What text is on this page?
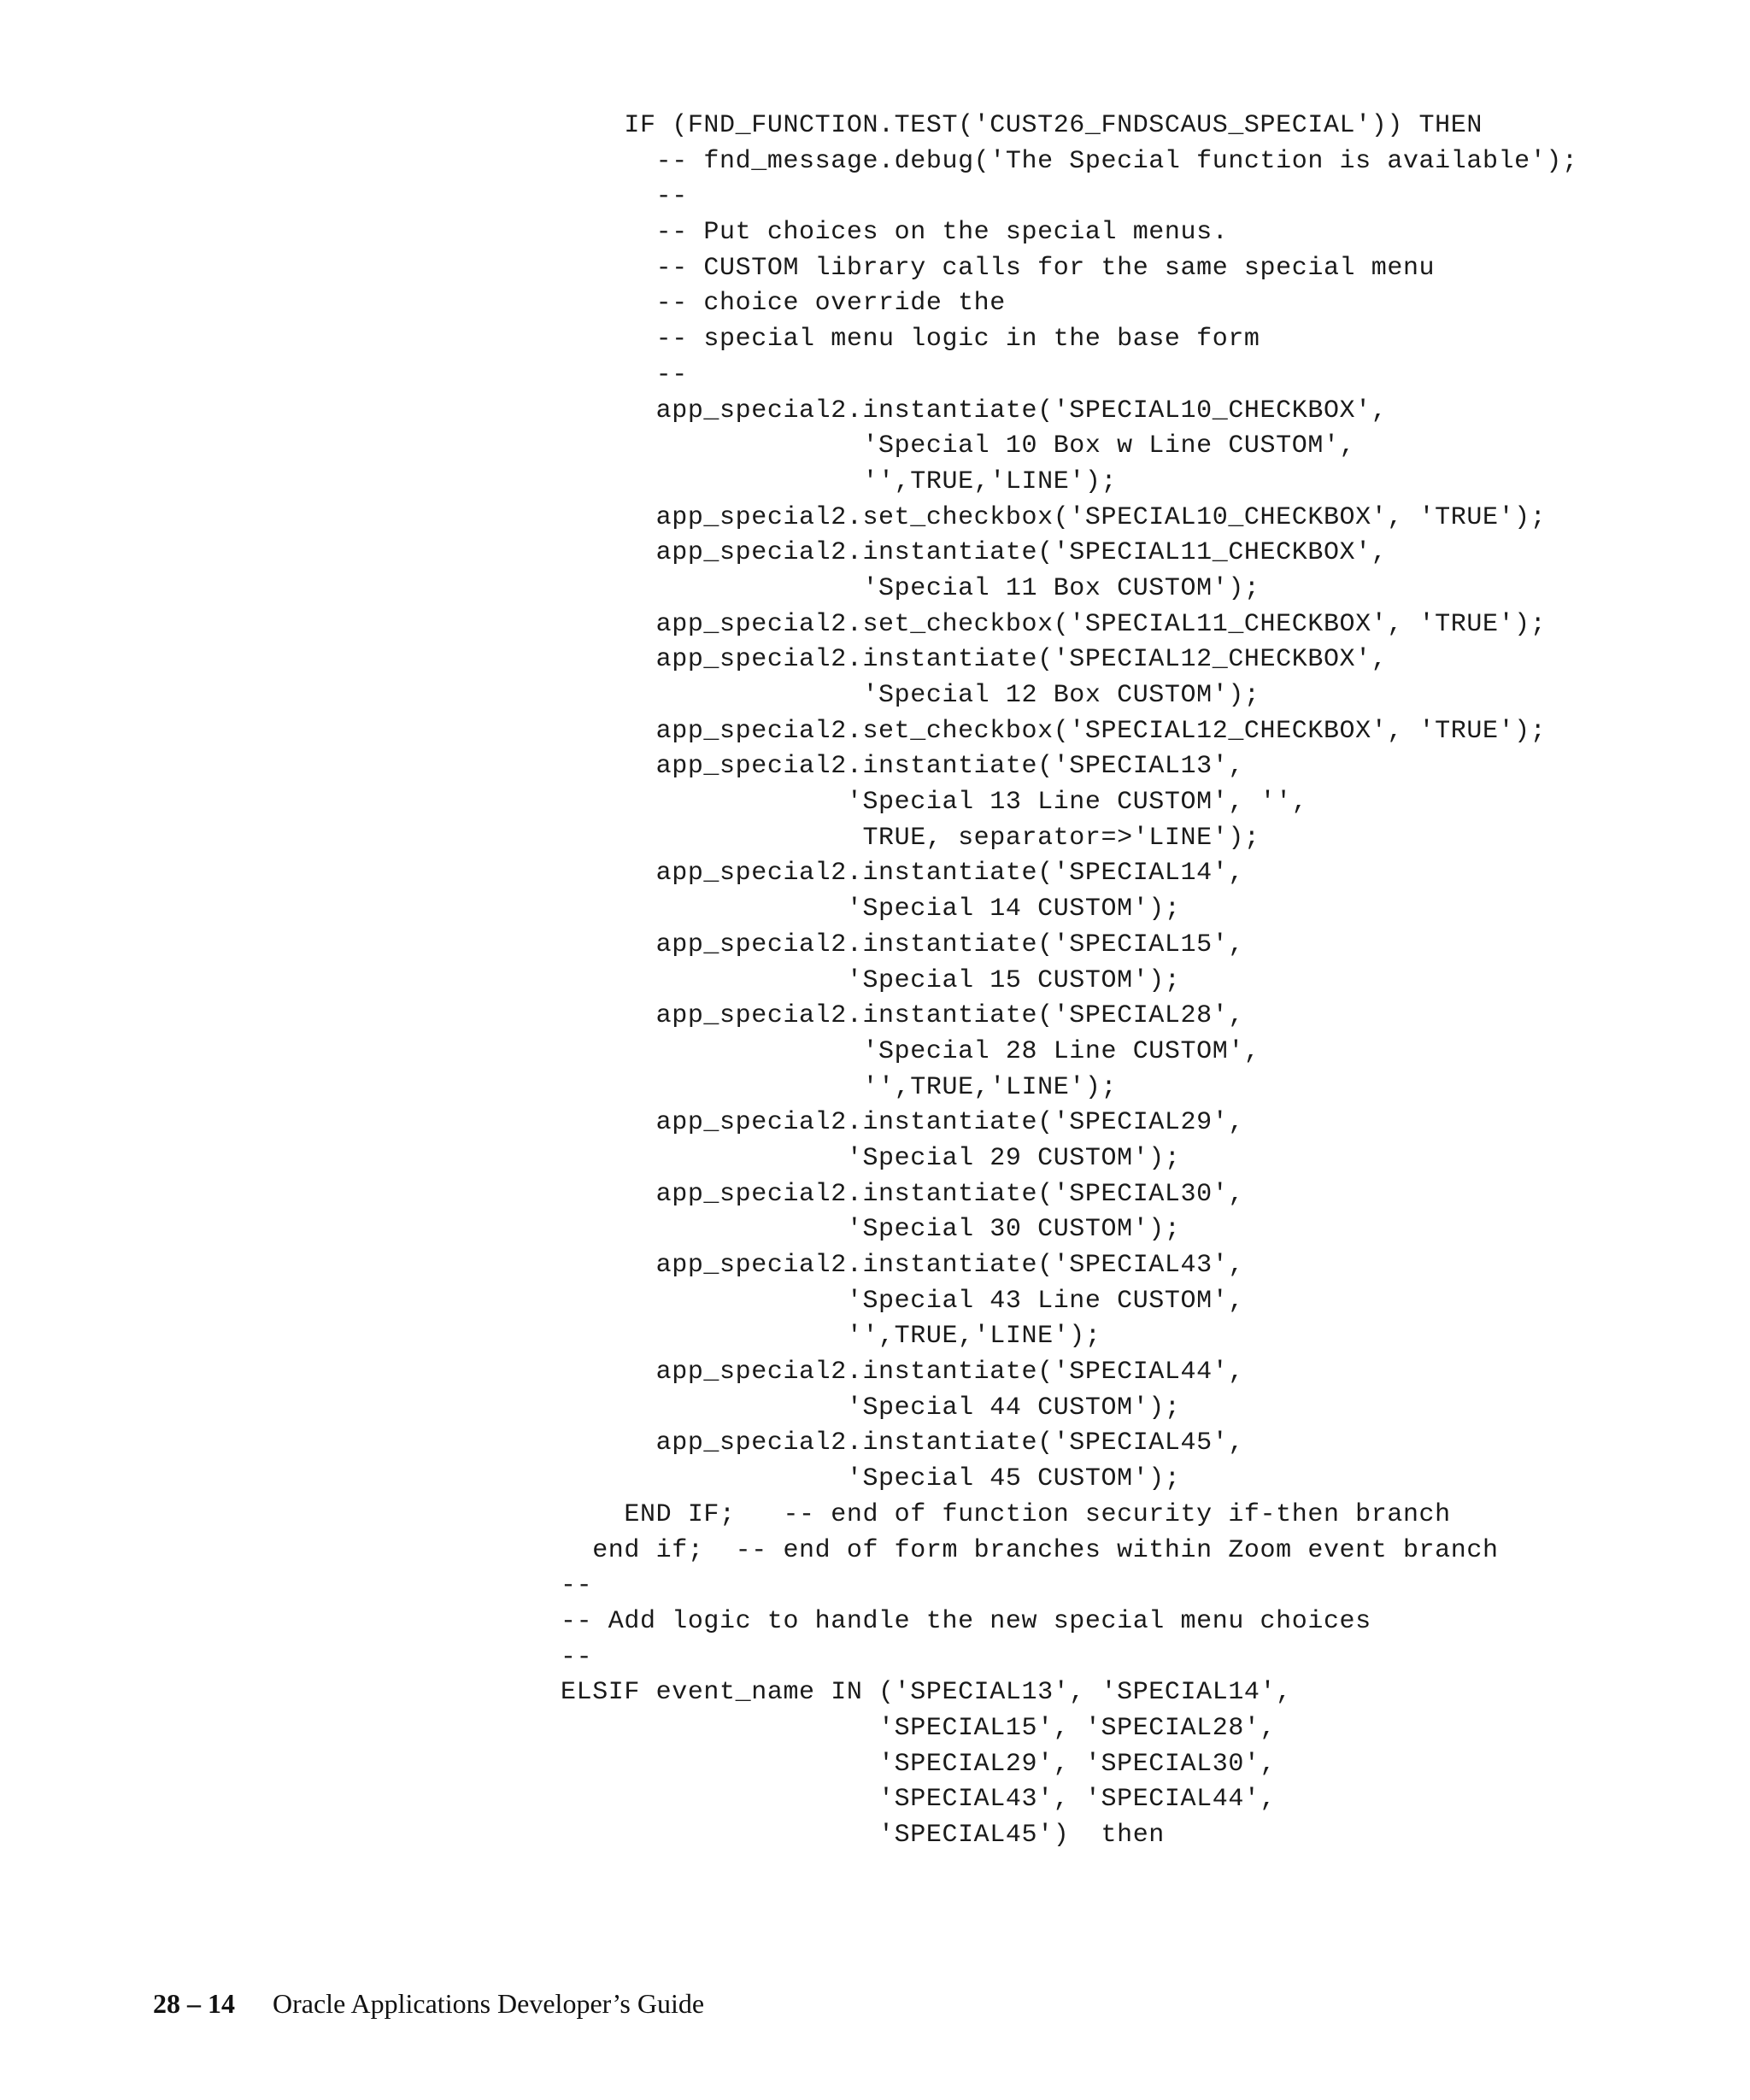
IF (FND_FUNCTION.TEST('CUST26_FNDSCAUS_SPECIAL')) THEN
-- fnd_message.debug('The Special function is available');
--
-- Put choices on the special menus.
-- CUSTOM library calls for the same special menu
-- choice override the
-- special menu logic in the base form
--
app_special2.instantiate('SPECIAL10_CHECKBOX',
'Special 10 Box w Line CUSTOM',
'',TRUE,'LINE');
app_special2.set_checkbox('SPECIAL10_CHECKBOX', 'TRUE');
app_special2.instantiate('SPECIAL11_CHECKBOX',
'Special 11 Box CUSTOM');
app_special2.set_checkbox('SPECIAL11_CHECKBOX', 'TRUE');
app_special2.instantiate('SPECIAL12_CHECKBOX',
'Special 12 Box CUSTOM');
app_special2.set_checkbox('SPECIAL12_CHECKBOX', 'TRUE');
app_special2.instantiate('SPECIAL13',
'Special 13 Line CUSTOM', '',
TRUE, separator=>'LINE');
app_special2.instantiate('SPECIAL14',
'Special 14 CUSTOM');
app_special2.instantiate('SPECIAL15',
'Special 15 CUSTOM');
app_special2.instantiate('SPECIAL28',
'Special 28 Line CUSTOM',
'',TRUE,'LINE');
app_special2.instantiate('SPECIAL29',
'Special 29 CUSTOM');
app_special2.instantiate('SPECIAL30',
'Special 30 CUSTOM');
app_special2.instantiate('SPECIAL43',
'Special 43 Line CUSTOM',
'',TRUE,'LINE');
app_special2.instantiate('SPECIAL44',
'Special 44 CUSTOM');
app_special2.instantiate('SPECIAL45',
'Special 45 CUSTOM');
END IF;   -- end of function security if-then branch
end if;  -- end of form branches within Zoom event branch
--
-- Add logic to handle the new special menu choices
--
ELSIF event_name IN ('SPECIAL13', 'SPECIAL14',
'SPECIAL15', 'SPECIAL28',
'SPECIAL29', 'SPECIAL30',
'SPECIAL43', 'SPECIAL44',
'SPECIAL45')  then

28 – 14 Oracle Applications Developer’s Guide
